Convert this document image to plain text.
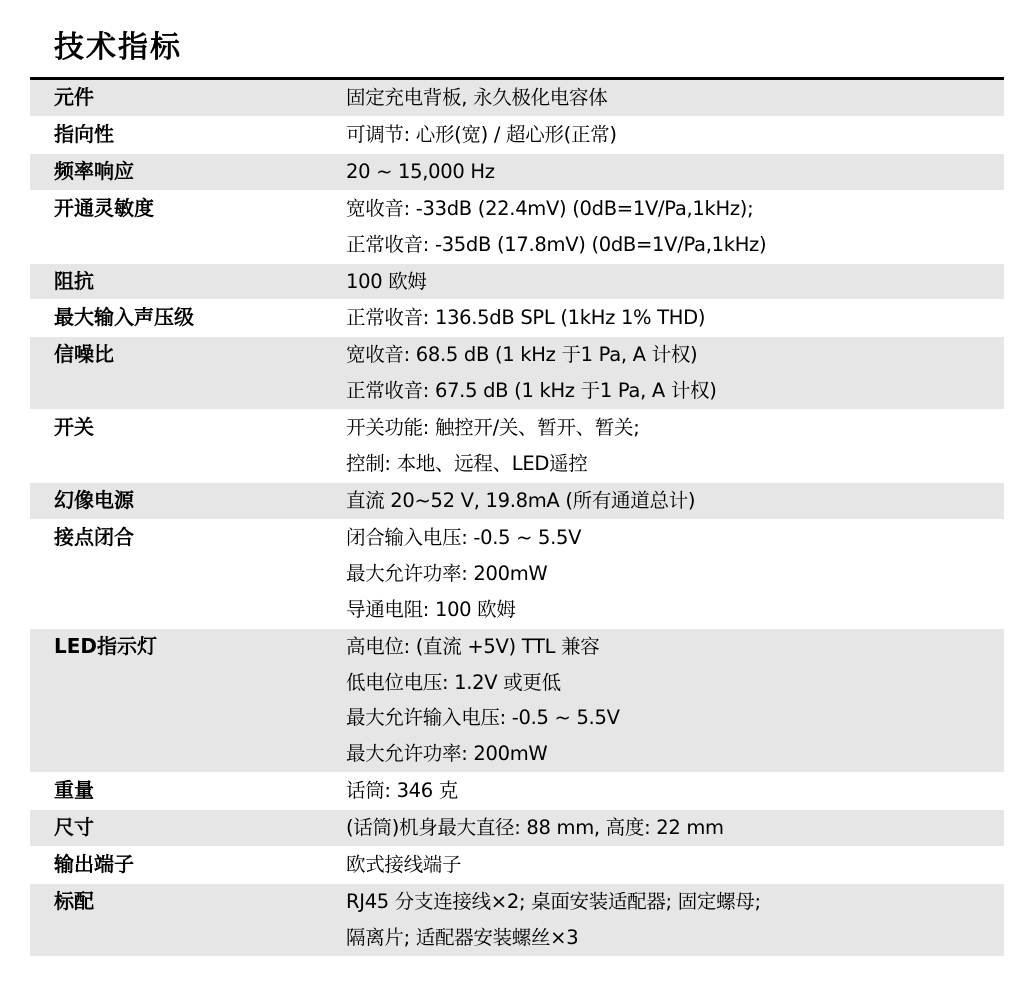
技术指标
元件	固定充电背板, 永久极化电容体
指向性	可调节: 心形(宽) / 超心形(正常)
频率响应	20 ~ 15,000 Hz
开通灵敏度	宽收音: -33dB (22.4mV) (0dB=1V/Pa,1kHz);
正常收音: -35dB (17.8mV) (0dB=1V/Pa,1kHz)
阻抗	100 欧姆
最大输入声压级	正常收音: 136.5dB SPL (1kHz 1% THD)
信噪比	宽收音: 68.5 dB (1 kHz 于1 Pa, A 计权)
正常收音: 67.5 dB (1 kHz 于1 Pa, A 计权)
开关	开关功能: 触控开/关、暂开、暂关;
控制: 本地、远程、LED遥控
幻像电源	直流 20~52 V, 19.8mA (所有通道总计)
接点闭合	闭合输入电压: -0.5 ~ 5.5V
最大允许功率: 200mW
导通电阻: 100 欧姆
LED指示灯	高电位: (直流 +5V) TTL 兼容
低电位电压: 1.2V 或更低
最大允许输入电压: -0.5 ~ 5.5V
最大允许功率: 200mW
重量	话筒: 346 克
尺寸	(话筒)机身最大直径: 88 mm, 高度: 22 mm
输出端子	欧式接线端子
标配	RJ45 分支连接线×2; 桌面安装适配器; 固定螺母;
隔离片; 适配器安装螺丝×3
